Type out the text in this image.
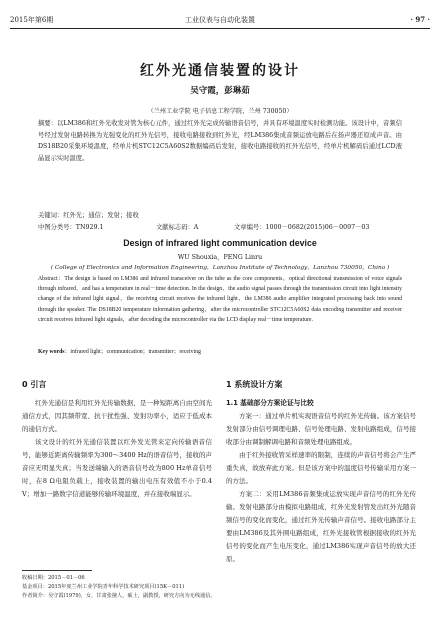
2015年第6期	工业仪表与自动化装置	· 97 ·
红外光通信装置的设计
吴守霞，彭琳茹
（兰州工业学院 电子信息工程学院，兰州 730050）
摘要：以LM386和红外光收发对管为核心元件，通过红外光完成传输语音信号，并具有环境温度实时检测功能。该设计中，音频信号经过发射电路转换为光强变化的红外光信号，接收电路接收到红外光，经LM386集成音频运放电路后在扬声器还原成声音。由DS18B20采集环境温度，经单片机STC12C5A60S2数据编码后发射，接收电路接收的红外光信号，经单片机解码后通过LCD液晶显示实时温度。
关键词：红外光；通信；发射；接收
中图分类号：TN929.1	文献标志码：A	文章编号：1000－0682(2015)06－0097－03
Design of infrared light communication device
WU Shouxia，PENG Linru
( College of Electronics and Information Engineering，Lanzhou Institute of Technology，Lanzhou 730050，China )
Abstract：The design is based on LM386 and infrared transceiver on the tube as the core components，optical directional transmission of voice signals through infrared，and has a temperature in real－time detection. In the design，the audio signal passes through the transmission circuit into light intensity change of the infrared light signal，the receiving circuit receives the infrared light，the LM386 audio amplifier integrated processing back into sound through the speaker. The DS18B20 temperature information gathering，after the microcontroller STC12C5A60S2 data encoding transmitter and receiver circuit receives infrared light signals，after decoding the microcontroller via the LCD display real－time temperature.
Key words：infrared light；communication；transmitter；receiving

0 引言

红外光通信是利用红外光传输数据，是一种短距离自由空间光通信方式，因其频带宽、抗干扰性强、发射功率小，适应于低成本的通信方式。

该文设计的红外光通信装置以红外发光管来定向传输语音信号，能够近距离传输频率为300～3400 Hz的语音信号，接收的声音应无明显失真；当发送端输入的语音信号改为800 Hz单音信号时，在8 Ω电阻负载上，接收装置的输出电压有效值不小于0.4 V；增加一路数字信道能够传输环境温度，并在接收端显示。

1 系统设计方案

1.1 基础部分方案论证与比较

方案一：通过单片机实现语音信号的红外光传输。该方案信号发射部分由信号调理电路、信号处理电路、发射电路组成，信号接收部分由调制解调电路和音频处理电路组成。

由于红外接收管采样速率的限制，连续的声音信号将会产生严重失真，故放弃此方案。但是该方案中的温度信号传输采用方案一的方法。

方案二：采用LM386音频集成运放实现声音信号的红外光传输。发射电路部分由模拟电路组成，红外光发射管发出红外光随音频信号的变化而变化，通过红外光传输声音信号。接收电路部分主要由LM386及其外围电路组成，红外光接收管根据接收的红外光信号的变化而产生电压变化，通过LM386实现声音信号的放大还原。

收稿日期：2015－01－06

基金项目：2015年度兰州工业学院青年科学技术研究项目(15K－011)

作者简介：吴守霞(1979)，女，甘肃张掖人，硕士，副教授，研究方向为无线通信。
